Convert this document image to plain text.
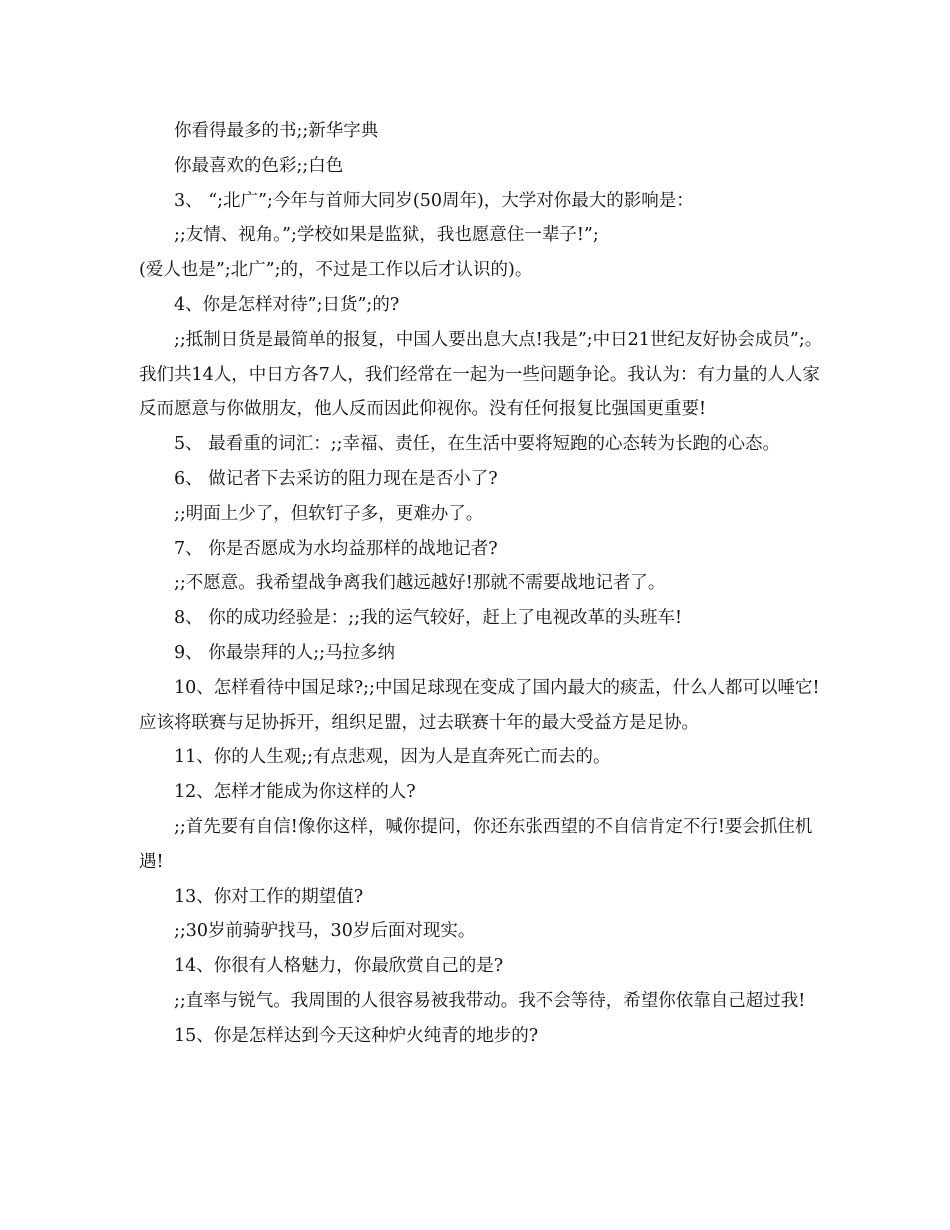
你看得最多的书;;新华字典

你最喜欢的色彩;;白色

3、 “;北广”;今年与首师大同岁(50周年)，大学对你最大的影响是：

;;友情、视角。”;学校如果是监狱，我也愿意住一辈子!”;

(爱人也是”;北广”;的，不过是工作以后才认识的)。

4、你是怎样对待”;日货”;的?

;;抵制日货是最简单的报复，中国人要出息大点!我是”;中日21世纪友好协会成员”;。我们共14人，中日方各7人，我们经常在一起为一些问题争论。我认为：有力量的人人家反而愿意与你做朋友，他人反而因此仰视你。没有任何报复比强国更重要!

5、 最看重的词汇：;;幸福、责任，在生活中要将短跑的心态转为长跑的心态。

6、 做记者下去采访的阻力现在是否小了?

;;明面上少了，但软钉子多，更难办了。

7、 你是否愿成为水均益那样的战地记者?

;;不愿意。我希望战争离我们越远越好!那就不需要战地记者了。

8、 你的成功经验是：;;我的运气较好，赶上了电视改革的头班车!

9、 你最崇拜的人;;马拉多纳

10、怎样看待中国足球?;;中国足球现在变成了国内最大的痰盂，什么人都可以唾它!应该将联赛与足协拆开，组织足盟，过去联赛十年的最大受益方是足协。

11、你的人生观;;有点悲观，因为人是直奔死亡而去的。

12、怎样才能成为你这样的人?

;;首先要有自信!像你这样，喊你提问，你还东张西望的不自信肯定不行!要会抓住机遇!

13、你对工作的期望值?

;;30岁前骑驴找马，30岁后面对现实。

14、你很有人格魅力，你最欣赏自己的是?

;;直率与锐气。我周围的人很容易被我带动。我不会等待，希望你依靠自己超过我!

15、你是怎样达到今天这种炉火纯青的地步的?
